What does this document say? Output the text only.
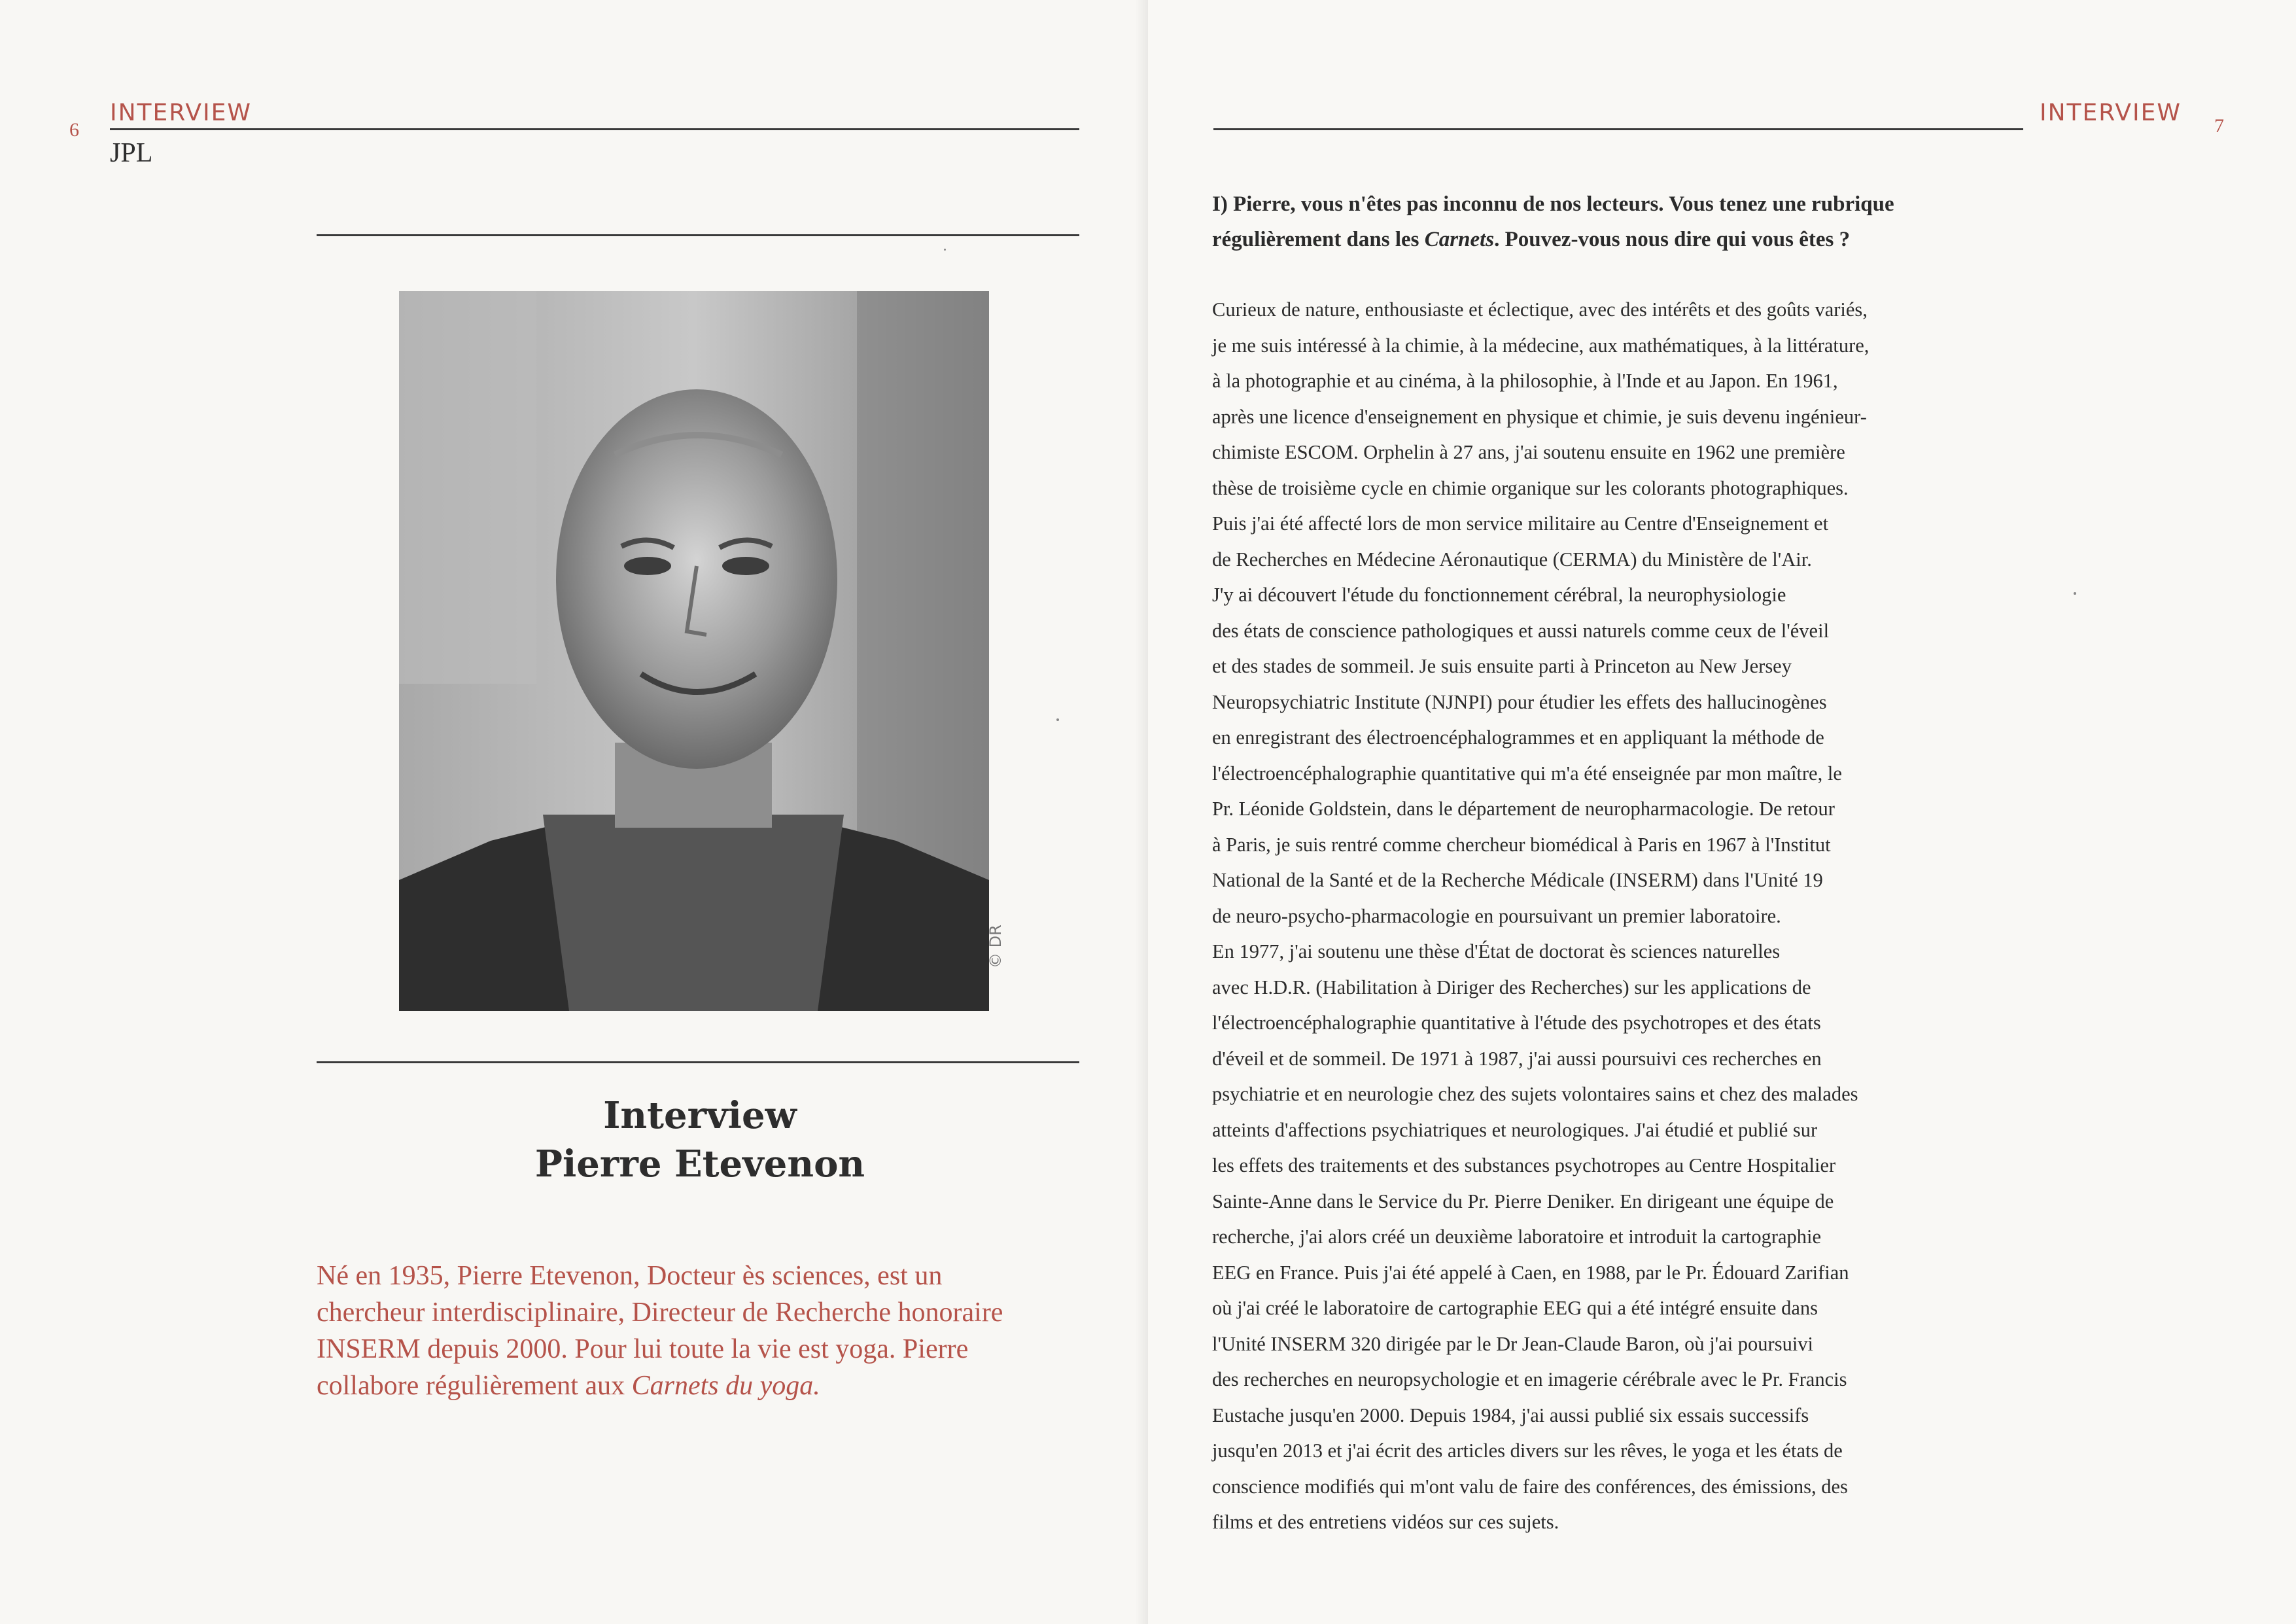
6
INTERVIEW
JPL
© DR
Interview
Pierre Etevenon
Né en 1935, Pierre Etevenon, Docteur ès sciences, est un
chercheur interdisciplinaire, Directeur de Recherche honoraire
INSERM depuis 2000. Pour lui toute la vie est yoga. Pierre
collabore régulièrement aux Carnets du yoga.
INTERVIEW 7
I) Pierre, vous n'êtes pas inconnu de nos lecteurs. Vous tenez une rubrique
régulièrement dans les Carnets. Pouvez-vous nous dire qui vous êtes ?
Curieux de nature, enthousiaste et éclectique, avec des intérêts et des goûts variés,
je me suis intéressé à la chimie, à la médecine, aux mathématiques, à la littérature,
à la photographie et au cinéma, à la philosophie, à l'Inde et au Japon. En 1961,
après une licence d'enseignement en physique et chimie, je suis devenu ingénieur-
chimiste ESCOM. Orphelin à 27 ans, j'ai soutenu ensuite en 1962 une première
thèse de troisième cycle en chimie organique sur les colorants photographiques.
Puis j'ai été affecté lors de mon service militaire au Centre d'Enseignement et
de Recherches en Médecine Aéronautique (CERMA) du Ministère de l'Air.
J'y ai découvert l'étude du fonctionnement cérébral, la neurophysiologie
des états de conscience pathologiques et aussi naturels comme ceux de l'éveil
et des stades de sommeil. Je suis ensuite parti à Princeton au New Jersey
Neuropsychiatric Institute (NJNPI) pour étudier les effets des hallucinogènes
en enregistrant des électroencéphalogrammes et en appliquant la méthode de
l'électroencéphalographie quantitative qui m'a été enseignée par mon maître, le
Pr. Léonide Goldstein, dans le département de neuropharmacologie. De retour
à Paris, je suis rentré comme chercheur biomédical à Paris en 1967 à l'Institut
National de la Santé et de la Recherche Médicale (INSERM) dans l'Unité 19
de neuro-psycho-pharmacologie en poursuivant un premier laboratoire.
En 1977, j'ai soutenu une thèse d'État de doctorat ès sciences naturelles
avec H.D.R. (Habilitation à Diriger des Recherches) sur les applications de
l'électroencéphalographie quantitative à l'étude des psychotropes et des états
d'éveil et de sommeil. De 1971 à 1987, j'ai aussi poursuivi ces recherches en
psychiatrie et en neurologie chez des sujets volontaires sains et chez des malades
atteints d'affections psychiatriques et neurologiques. J'ai étudié et publié sur
les effets des traitements et des substances psychotropes au Centre Hospitalier
Sainte-Anne dans le Service du Pr. Pierre Deniker. En dirigeant une équipe de
recherche, j'ai alors créé un deuxième laboratoire et introduit la cartographie
EEG en France. Puis j'ai été appelé à Caen, en 1988, par le Pr. Édouard Zarifian
où j'ai créé le laboratoire de cartographie EEG qui a été intégré ensuite dans
l'Unité INSERM 320 dirigée par le Dr Jean-Claude Baron, où j'ai poursuivi
des recherches en neuropsychologie et en imagerie cérébrale avec le Pr. Francis
Eustache jusqu'en 2000. Depuis 1984, j'ai aussi publié six essais successifs
jusqu'en 2013 et j'ai écrit des articles divers sur les rêves, le yoga et les états de
conscience modifiés qui m'ont valu de faire des conférences, des émissions, des
films et des entretiens vidéos sur ces sujets.
